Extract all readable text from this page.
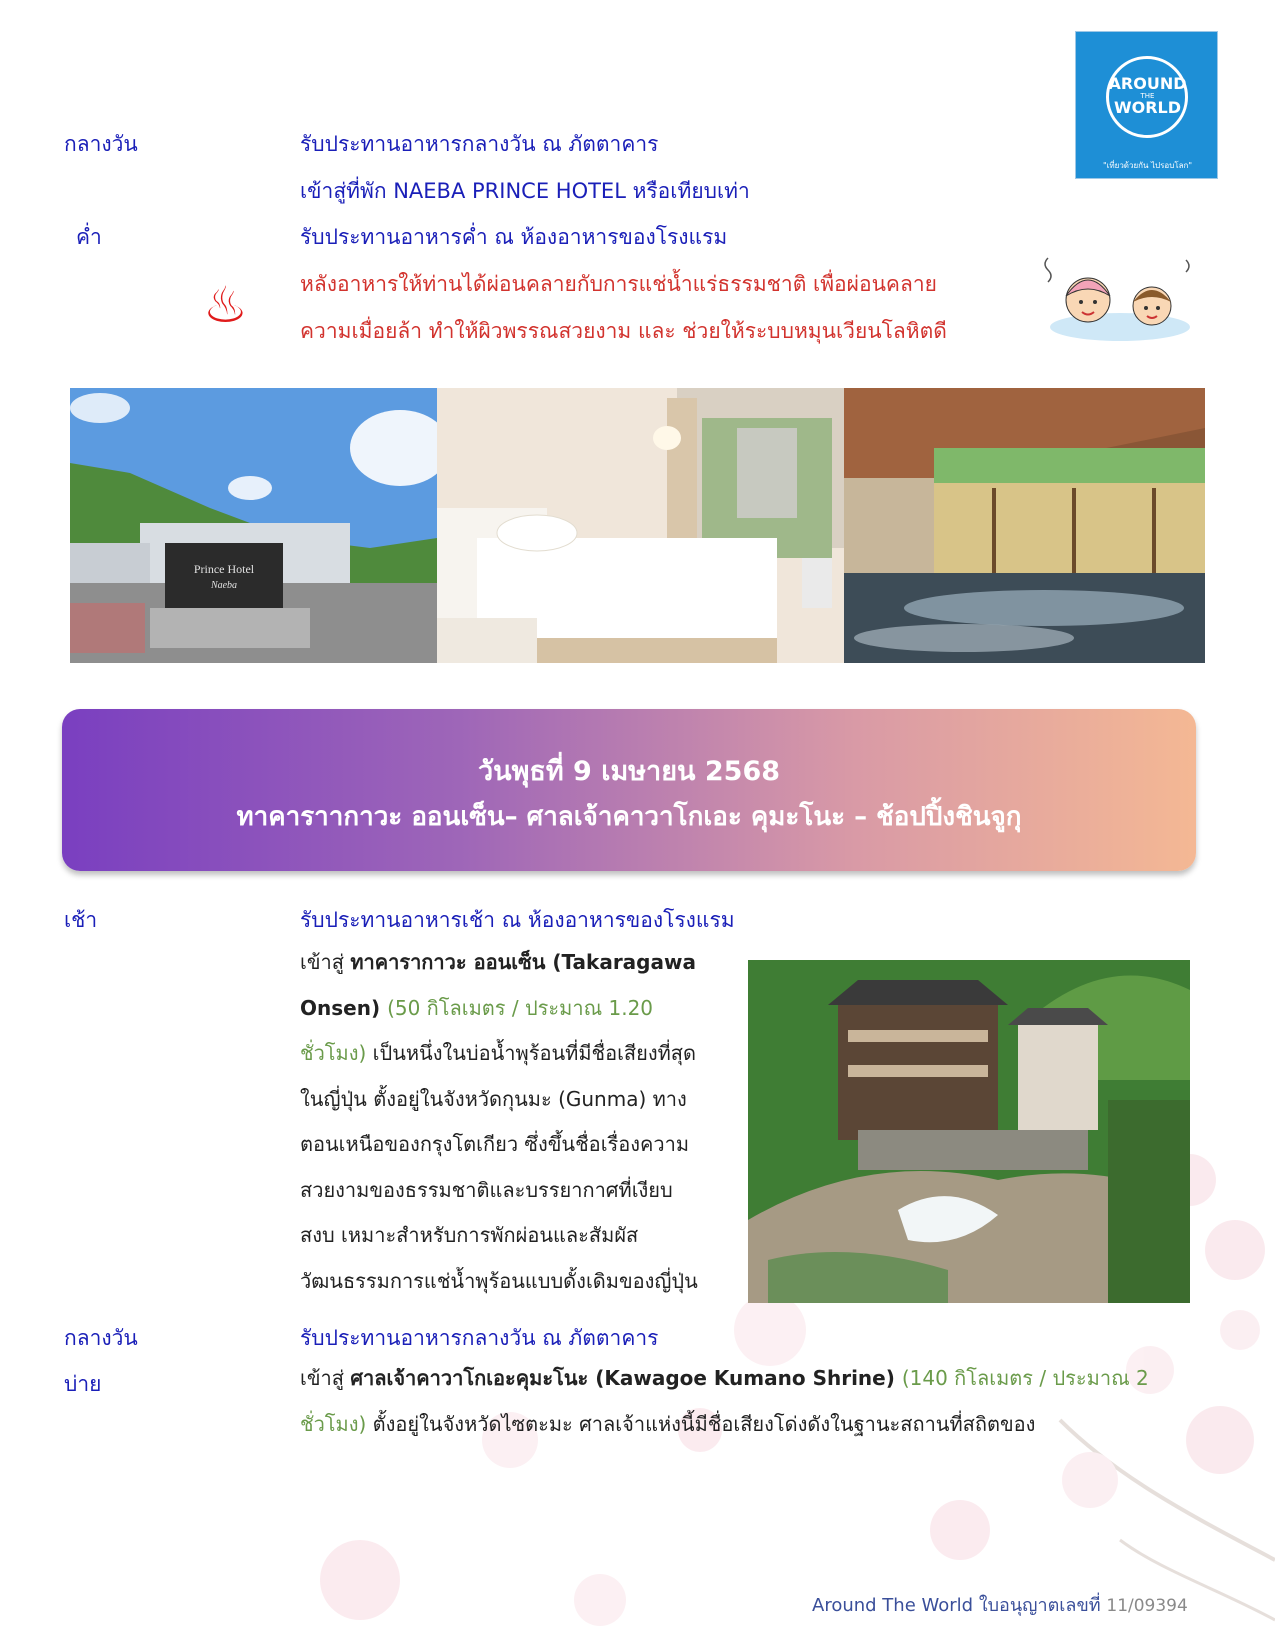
AROUND
THE
WORLD
"เที่ยวด้วยกัน ไปรอบโลก"
กลางวัน	รับประทานอาหารกลางวัน ณ ภัตตาคาร
เข้าสู่ที่พัก NAEBA PRINCE HOTEL หรือเทียบเท่า
ค่ำ	รับประทานอาหารค่ำ ณ ห้องอาหารของโรงแรม
♨ หลังอาหารให้ท่านได้ผ่อนคลายกับการแช่น้ำแร่ธรรมชาติ เพื่อผ่อนคลาย
ความเมื่อยล้า ทำให้ผิวพรรณสวยงาม และ ช่วยให้ระบบหมุนเวียนโลหิตดี
Prince Hotel
Naeba
วันพุธที่ 9 เมษายน 2568
ทาคาราากาวะ ออนเซ็น– ศาลเจ้าคาวาโกเอะ คุมะโนะ – ช้อปปิ้งชินจูกุ
เช้า	รับประทานอาหารเช้า ณ ห้องอาหารของโรงแรม
เข้าสู่ ทาคารากาวะ ออนเซ็น (Takaragawa
Onsen) (50 กิโลเมตร / ประมาณ 1.20
ชั่วโมง) เป็นหนึ่งในบ่อน้ำพุร้อนที่มีชื่อเสียงที่สุด
ในญี่ปุ่น ตั้งอยู่ในจังหวัดกุนมะ (Gunma) ทาง
ตอนเหนือของกรุงโตเกียว ซึ่งขึ้นชื่อเรื่องความ
สวยงามของธรรมชาติและบรรยากาศที่เงียบ
สงบ เหมาะสำหรับการพักผ่อนและสัมผัส
วัฒนธรรมการแช่น้ำพุร้อนแบบดั้งเดิมของญี่ปุ่น
กลางวัน	รับประทานอาหารกลางวัน ณ ภัตตาคาร
บ่าย	เข้าสู่ ศาลเจ้าคาวาโกเอะคุมะโนะ (Kawagoe Kumano Shrine) (140 กิโลเมตร / ประมาณ 2
ชั่วโมง) ตั้งอยู่ในจังหวัดไซตะมะ ศาลเจ้าแห่งนี้มีชื่อเสียงโด่งดังในฐานะสถานที่สถิตของ
Around The World ใบอนุญาตเลขที่ 11/09394
